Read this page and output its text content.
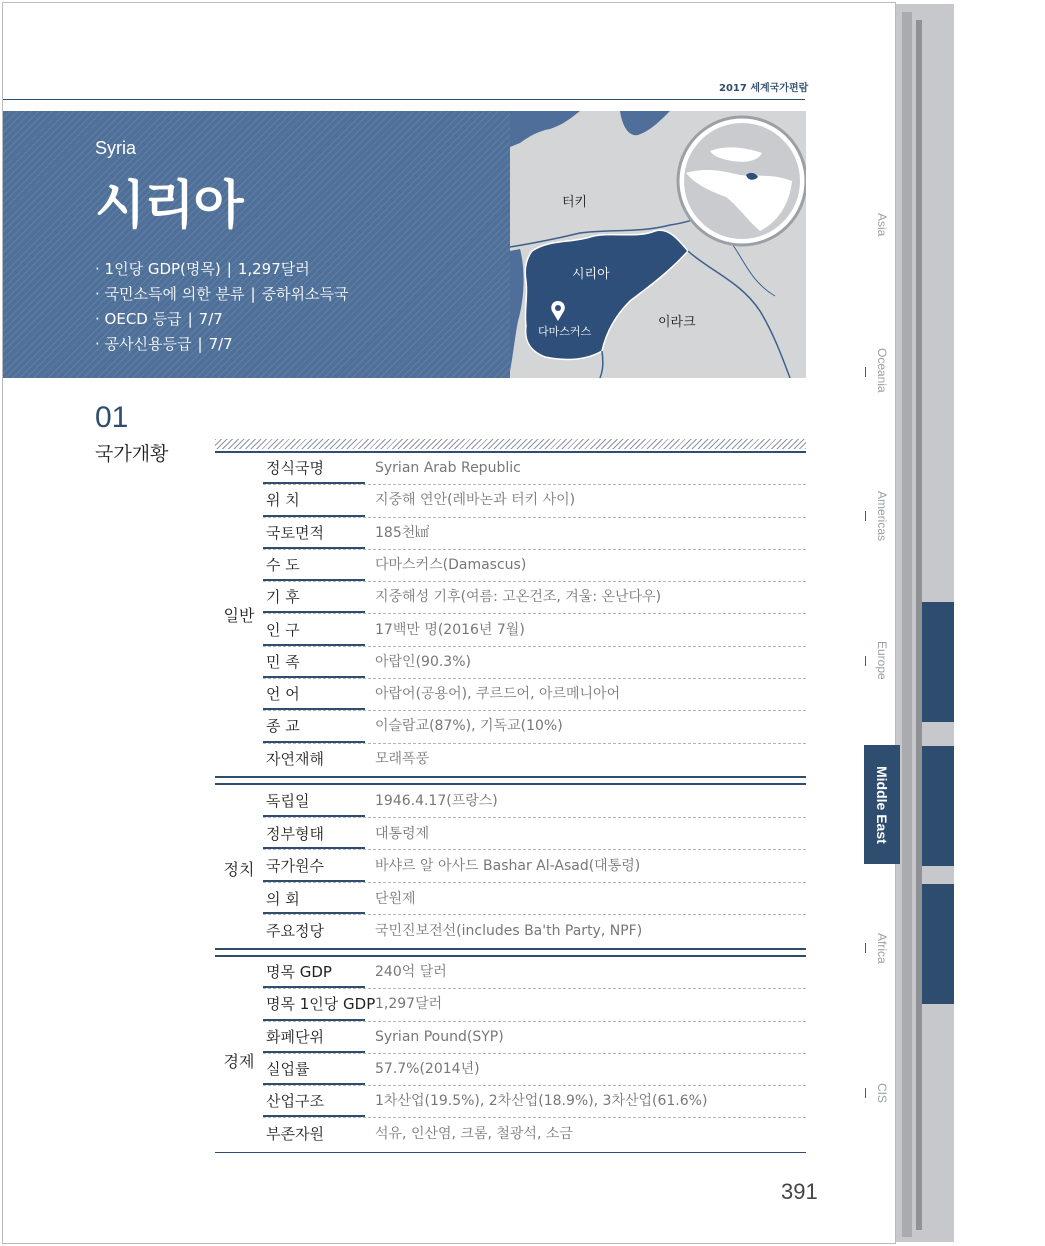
2017 세계국가편람
Syria
시리아
· 1인당 GDP(명목) | 1,297달러
· 국민소득에 의한 분류 | 중하위소득국
· OECD 등급 | 7/7
· 공사신용등급 | 7/7
터키
시리아
다마스커스
이라크
01
국가개황
일반
정식국명	Syrian Arab Republic
위 치	지중해 연안(레바논과 터키 사이)
국토면적	185천㎢
수 도	다마스커스(Damascus)
기 후	지중해성 기후(여름: 고온건조, 겨울: 온난다우)
인 구	17백만 명(2016년 7월)
민 족	아랍인(90.3%)
언 어	아랍어(공용어), 쿠르드어, 아르메니아어
종 교	이슬람교(87%), 기독교(10%)
자연재해	모래폭풍
정치
독립일	1946.4.17(프랑스)
정부형태	대통령제
국가원수	바샤르 알 아사드 Bashar Al-Asad(대통령)
의 회	단원제
주요정당	국민진보전선(includes Ba'th Party, NPF)
경제
명목 GDP	240억 달러
명목 1인당 GDP 1,297달러
화폐단위	Syrian Pound(SYP)
실업률	57.7%(2014년)
산업구조	1차산업(19.5%), 2차산업(18.9%), 3차산업(61.6%)
부존자원	석유, 인산염, 크롬, 철광석, 소금
391
Asia
Oceania
Americas
Europe
Middle East
Africa
CIS
